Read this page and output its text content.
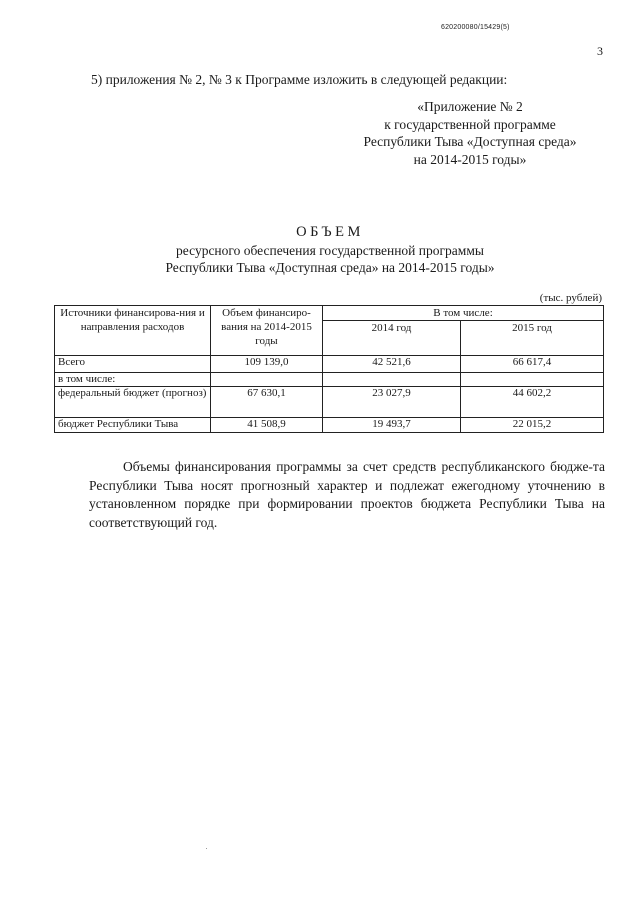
620200080/15429(5)
3
5) приложения № 2, № 3 к Программе изложить в следующей редакции:
«Приложение № 2
к государственной программе
Республики Тыва «Доступная среда»
на 2014-2015 годы»
ОБЪЕМ
ресурсного обеспечения государственной программы
Республики Тыва «Доступная среда» на 2014-2015 годы»
(тыс. рублей)
Источники финансирова-ния и направления расходов	Объем финансиро-вания на 2014-2015 годы	В том числе:	
		2014 год	2015 год
Всего	109 139,0	42 521,6	66 617,4
в том числе:			
федеральный бюджет (прогноз)	67 630,1	23 027,9	44 602,2
бюджет Республики Тыва	41 508,9	19 493,7	22 015,2
Объемы финансирования программы за счет средств республиканского бюдже-та Республики Тыва носят прогнозный характер и подлежат ежегодному уточнению в установленном порядке при формировании проектов бюджета Республики Тыва на соответствующий год.
